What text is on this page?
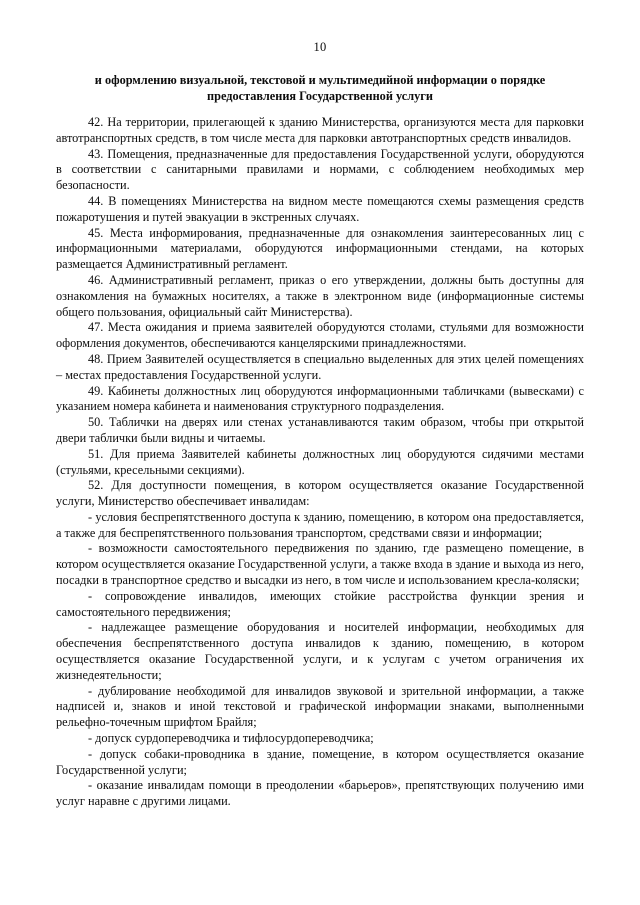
10
и оформлению визуальной, текстовой и мультимедийной информации о порядке
предоставления Государственной услуги

42. На территории, прилегающей к зданию Министерства, организуются места для парковки автотранспортных средств, в том числе места для парковки автотранспортных средств инвалидов.

43. Помещения, предназначенные для предоставления Государственной услуги, оборудуются в соответствии с санитарными правилами и нормами, с соблюдением необходимых мер безопасности.

44. В помещениях Министерства на видном месте помещаются схемы размещения средств пожаротушения и путей эвакуации в экстренных случаях.

45. Места информирования, предназначенные для ознакомления заинтересованных лиц с информационными материалами, оборудуются информационными стендами, на которых размещается Административный регламент.

46. Административный регламент, приказ о его утверждении, должны быть доступны для ознакомления на бумажных носителях, а также в электронном виде (информационные системы общего пользования, официальный сайт Министерства).

47. Места ожидания и приема заявителей оборудуются столами, стульями для возможности оформления документов, обеспечиваются канцелярскими принадлежностями.

48. Прием Заявителей осуществляется в специально выделенных для этих целей помещениях – местах предоставления Государственной услуги.

49. Кабинеты должностных лиц оборудуются информационными табличками (вывесками) с указанием номера кабинета и наименования структурного подразделения.

50. Таблички на дверях или стенах устанавливаются таким образом, чтобы при открытой двери таблички были видны и читаемы.

51. Для приема Заявителей кабинеты должностных лиц оборудуются сидячими местами (стульями, кресельными секциями).

52. Для доступности помещения, в котором осуществляется оказание Государственной услуги, Министерство обеспечивает инвалидам:

- условия беспрепятственного доступа к зданию, помещению, в котором она предоставляется, а также для беспрепятственного пользования транспортом, средствами связи и информации;

- возможности самостоятельного передвижения по зданию, где размещено помещение, в котором осуществляется оказание Государственной услуги, а также входа в здание и выхода из него, посадки в транспортное средство и высадки из него, в том числе и использованием кресла-коляски;

- сопровождение инвалидов, имеющих стойкие расстройства функции зрения и самостоятельного передвижения;

- надлежащее размещение оборудования и носителей информации, необходимых для обеспечения беспрепятственного доступа инвалидов к зданию, помещению, в котором осуществляется оказание Государственной услуги, и к услугам с учетом ограничения их жизнедеятельности;

- дублирование необходимой для инвалидов звуковой и зрительной информации, а также надписей и, знаков и иной текстовой и графической информации знаками, выполненными рельефно-точечным шрифтом Брайля;

- допуск сурдопереводчика и тифлосурдопереводчика;

- допуск собаки-проводника в здание, помещение, в котором осуществляется оказание Государственной услуги;

- оказание инвалидам помощи в преодолении «барьеров», препятствующих получению ими услуг наравне с другими лицами.
